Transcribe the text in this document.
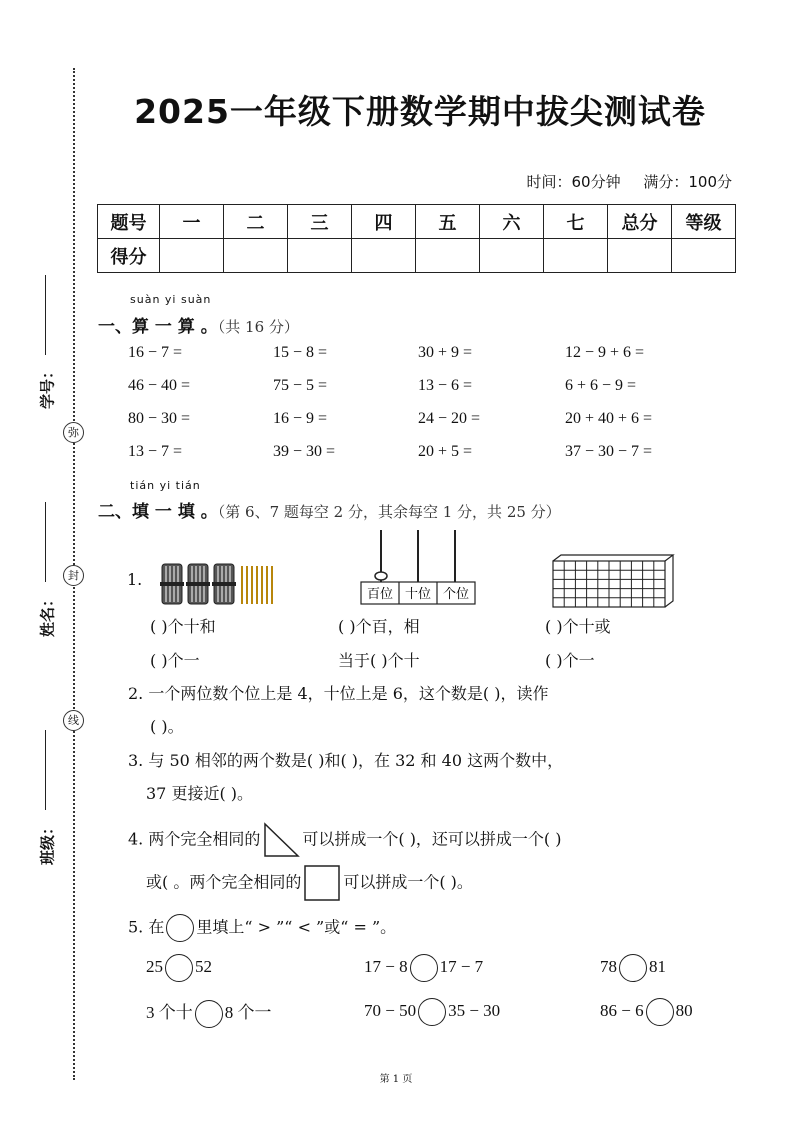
学号：
姓名：
班级：
弥
封
线
2025一年级下册数学期中拔尖测试卷
时间：60分钟 满分：100分
题号	一	二	三	四	五	六	七	总分	等级
得分									
suàn yi suàn
一、算 一 算 。（共 16 分）
16 − 7 =	15 − 8 =	30 + 9 =	12 − 9 + 6 =
46 − 40 =	75 − 5 =	13 − 6 =	6 + 6 − 9 =
80 − 30 =	16 − 9 =	24 − 20 =	20 + 40 + 6 =
13 − 7 =	39 − 30 =	20 + 5 =	37 − 30 − 7 =
tián yi tián
二、填 一 填 。（第 6、7 题每空 2 分，其余每空 1 分，共 25 分）
1.
百位 十位 个位
( )个十和	( )个百，相	( )个十或
( )个一	当于( )个十	( )个一
2. 一个两位数个位上是 4，十位上是 6，这个数是( )，读作
( )。
3. 与 50 相邻的两个数是( )和( )，在 32 和 40 这两个数中，
37 更接近( )。
4. 两个完全相同的	可以拼成一个( )，还可以拼成一个( )
或( 。两个完全相同的	可以拼成一个( )。
5. 在 里填上“ > ”“ < ”或“ = ”。
25 52	17 − 8 17 − 7	78 81
3 个十 8 个一	70 − 50 35 − 30	86 − 6 80
第 1 页
